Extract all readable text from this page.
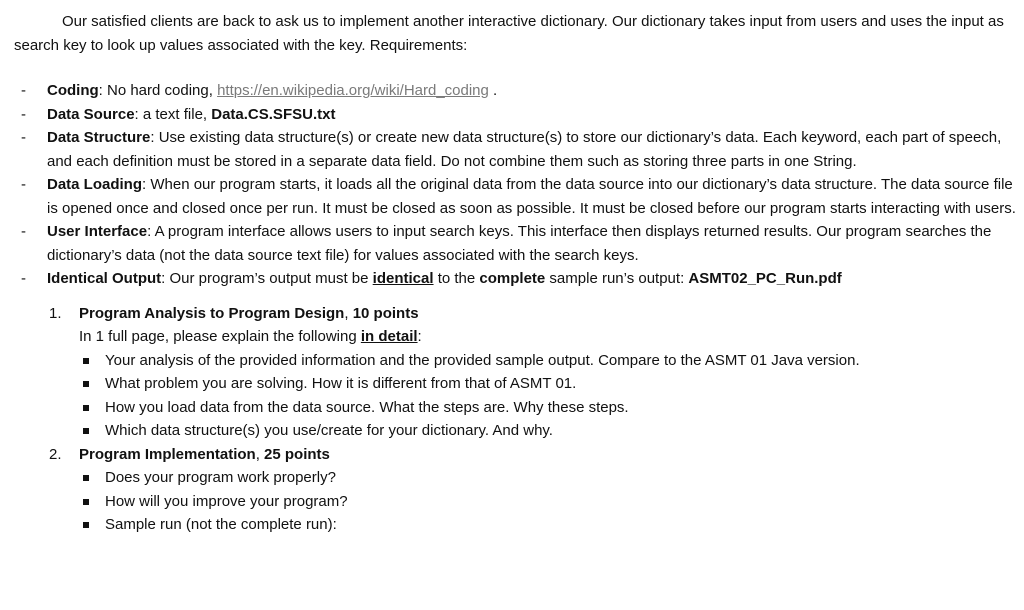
Our satisfied clients are back to ask us to implement another interactive dictionary. Our dictionary takes input from users and uses the input as search key to look up values associated with the key. Requirements:

- Coding: No hard coding, https://en.wikipedia.org/wiki/Hard_coding .
- Data Source: a text file, Data.CS.SFSU.txt
- Data Structure: Use existing data structure(s) or create new data structure(s) to store our dictionary’s data. Each keyword, each part of speech, and each definition must be stored in a separate data field. Do not combine them such as storing three parts in one String.
- Data Loading: When our program starts, it loads all the original data from the data source into our dictionary’s data structure. The data source file is opened once and closed once per run. It must be closed as soon as possible. It must be closed before our program starts interacting with users.
- User Interface: A program interface allows users to input search keys. This interface then displays returned results. Our program searches the dictionary’s data (not the data source text file) for values associated with the search keys.
- Identical Output: Our program’s output must be identical to the complete sample run’s output: ASMT02_PC_Run.pdf
1. Program Analysis to Program Design, 10 points
In 1 full page, please explain the following in detail:
Your analysis of the provided information and the provided sample output. Compare to the ASMT 01 Java version.
What problem you are solving. How it is different from that of ASMT 01.
How you load data from the data source. What the steps are. Why these steps.
Which data structure(s) you use/create for your dictionary. And why.
2. Program Implementation, 25 points
Does your program work properly?
How will you improve your program?
Sample run (not the complete run):
